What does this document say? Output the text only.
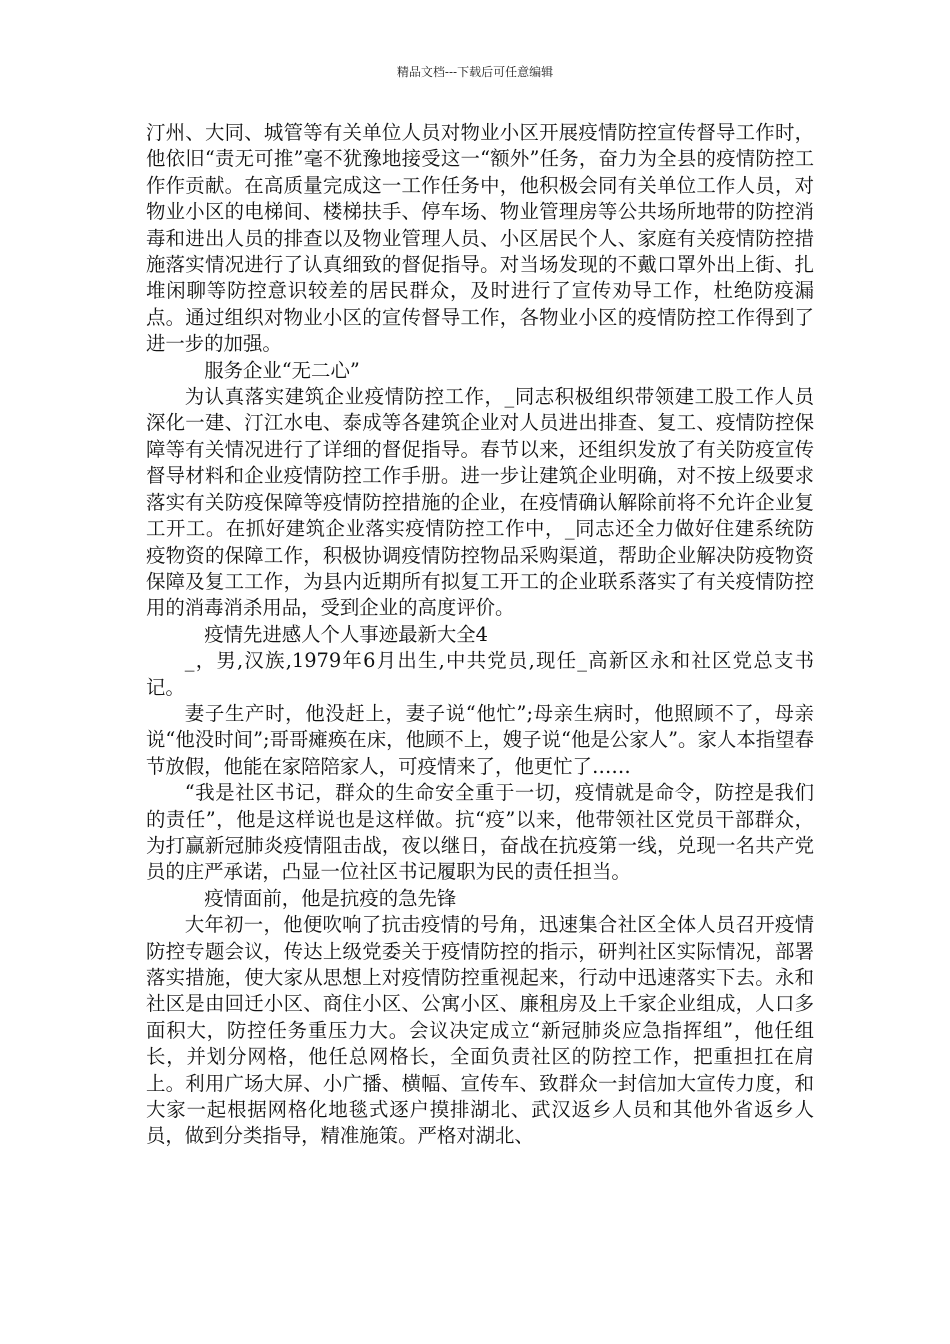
精品文档---下载后可任意编辑

汀州、大同、城管等有关单位人员对物业小区开展疫情防控宣传督导工作时，他依旧“责无可推”毫不犹豫地接受这一“额外”任务，奋力为全县的疫情防控工作作贡献。在高质量完成这一工作任务中，他积极会同有关单位工作人员，对物业小区的电梯间、楼梯扶手、停车场、物业管理房等公共场所地带的防控消毒和进出人员的排查以及物业管理人员、小区居民个人、家庭有关疫情防控措施落实情况进行了认真细致的督促指导。对当场发现的不戴口罩外出上街、扎堆闲聊等防控意识较差的居民群众，及时进行了宣传劝导工作，杜绝防疫漏点。通过组织对物业小区的宣传督导工作，各物业小区的疫情防控工作得到了进一步的加强。

服务企业“无二心”

为认真落实建筑企业疫情防控工作，_同志积极组织带领建工股工作人员深化一建、汀江水电、泰成等各建筑企业对人员进出排查、复工、疫情防控保障等有关情况进行了详细的督促指导。春节以来，还组织发放了有关防疫宣传督导材料和企业疫情防控工作手册。进一步让建筑企业明确，对不按上级要求落实有关防疫保障等疫情防控措施的企业，在疫情确认解除前将不允许企业复工开工。在抓好建筑企业落实疫情防控工作中，_同志还全力做好住建系统防疫物资的保障工作，积极协调疫情防控物品采购渠道，帮助企业解决防疫物资保障及复工工作，为县内近期所有拟复工开工的企业联系落实了有关疫情防控用的消毒消杀用品，受到企业的高度评价。

疫情先进感人个人事迹最新大全4

_，男,汉族,1979年6月出生,中共党员,现任_高新区永和社区党总支书记。

妻子生产时，他没赶上，妻子说“他忙”;母亲生病时，他照顾不了，母亲说“他没时间”;哥哥瘫痪在床，他顾不上，嫂子说“他是公家人”。家人本指望春节放假，他能在家陪陪家人，可疫情来了，他更忙了……

“我是社区书记，群众的生命安全重于一切，疫情就是命令，防控是我们的责任”，他是这样说也是这样做。抗“疫”以来，他带领社区党员干部群众，为打赢新冠肺炎疫情阻击战，夜以继日，奋战在抗疫第一线，兑现一名共产党员的庄严承诺，凸显一位社区书记履职为民的责任担当。

疫情面前，他是抗疫的急先锋

大年初一，他便吹响了抗击疫情的号角，迅速集合社区全体人员召开疫情防控专题会议，传达上级党委关于疫情防控的指示，研判社区实际情况，部署落实措施，使大家从思想上对疫情防控重视起来，行动中迅速落实下去。永和社区是由回迁小区、商住小区、公寓小区、廉租房及上千家企业组成，人口多面积大，防控任务重压力大。会议决定成立“新冠肺炎应急指挥组”，他任组长，并划分网格，他任总网格长，全面负责社区的防控工作，把重担扛在肩上。利用广场大屏、小广播、横幅、宣传车、致群众一封信加大宣传力度，和大家一起根据网格化地毯式逐户摸排湖北、武汉返乡人员和其他外省返乡人员，做到分类指导，精准施策。严格对湖北、
